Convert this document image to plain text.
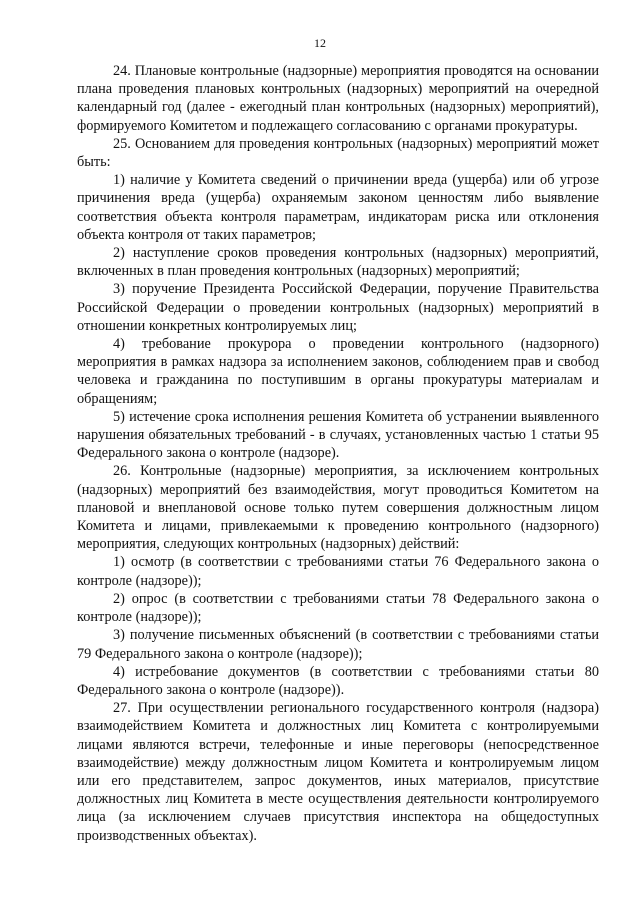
12

24. Плановые контрольные (надзорные) мероприятия проводятся на основании плана проведения плановых контрольных (надзорных) мероприятий на очередной календарный год (далее - ежегодный план контрольных (надзорных) мероприятий), формируемого Комитетом и подлежащего согласованию с органами прокуратуры.

25. Основанием для проведения контрольных (надзорных) мероприятий может быть:

1) наличие у Комитета сведений о причинении вреда (ущерба) или об угрозе причинения вреда (ущерба) охраняемым законом ценностям либо выявление соответствия объекта контроля параметрам, индикаторам риска или отклонения объекта контроля от таких параметров;

2) наступление сроков проведения контрольных (надзорных) мероприятий, включенных в план проведения контрольных (надзорных) мероприятий;

3) поручение Президента Российской Федерации, поручение Правительства Российской Федерации о проведении контрольных (надзорных) мероприятий в отношении конкретных контролируемых лиц;

4) требование прокурора о проведении контрольного (надзорного) мероприятия в рамках надзора за исполнением законов, соблюдением прав и свобод человека и гражданина по поступившим в органы прокуратуры материалам и обращениям;

5) истечение срока исполнения решения Комитета об устранении выявленного нарушения обязательных требований - в случаях, установленных частью 1 статьи 95 Федерального закона о контроле (надзоре).

26. Контрольные (надзорные) мероприятия, за исключением контрольных (надзорных) мероприятий без взаимодействия, могут проводиться Комитетом на плановой и внеплановой основе только путем совершения должностным лицом Комитета и лицами, привлекаемыми к проведению контрольного (надзорного) мероприятия, следующих контрольных (надзорных) действий:

1) осмотр (в соответствии с требованиями статьи 76 Федерального закона о контроле (надзоре));

2) опрос (в соответствии с требованиями статьи 78 Федерального закона о контроле (надзоре));

3) получение письменных объяснений (в соответствии с требованиями статьи 79 Федерального закона о контроле (надзоре));

4) истребование документов (в соответствии с требованиями статьи 80 Федерального закона о контроле (надзоре)).

27. При осуществлении регионального государственного контроля (надзора) взаимодействием Комитета и должностных лиц Комитета с контролируемыми лицами являются встречи, телефонные и иные переговоры (непосредственное взаимодействие) между должностным лицом Комитета и контролируемым лицом или его представителем, запрос документов, иных материалов, присутствие должностных лиц Комитета в месте осуществления деятельности контролируемого лица (за исключением случаев присутствия инспектора на общедоступных производственных объектах).
